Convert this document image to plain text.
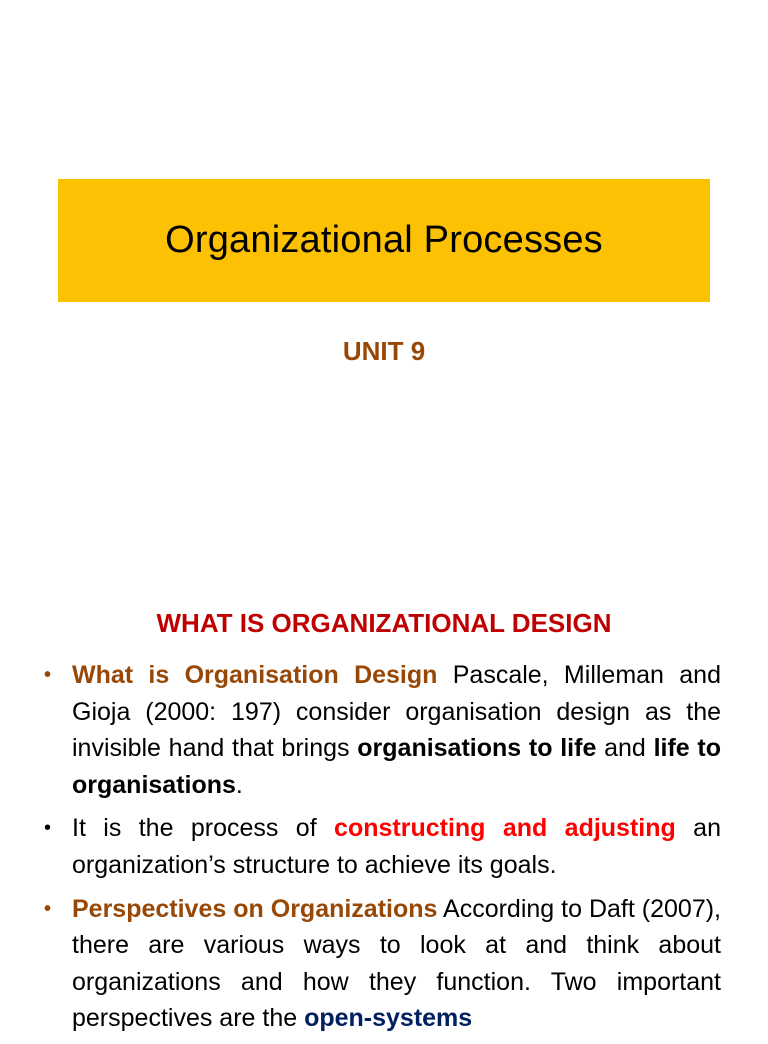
Organizational Processes
UNIT 9
WHAT IS ORGANIZATIONAL DESIGN
• What is Organisation Design Pascale, Milleman and Gioja (2000: 197) consider organisation design as the invisible hand that brings organisations to life and life to organisations.
• It is the process of constructing and adjusting an organization’s structure to achieve its goals.
• Perspectives on Organizations According to Daft (2007), there are various ways to look at and think about organizations and how they function. Two important perspectives are the open-systems
